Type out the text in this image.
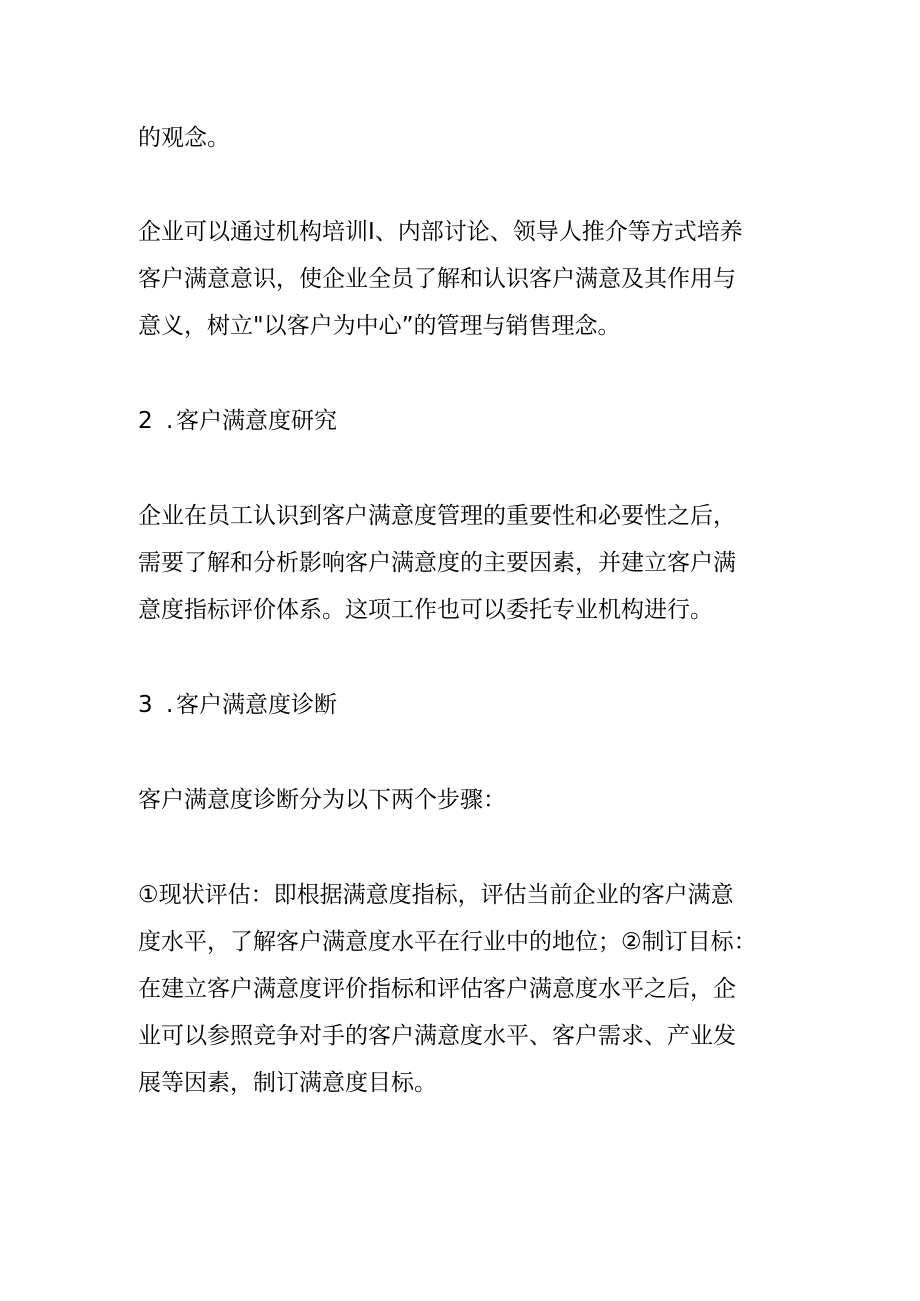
的观念。

企业可以通过机构培训Ⅰ、内部讨论、领导人推介等方式培养
客户满意意识，使企业全员了解和认识客户满意及其作用与
意义，树立"以客户为中心”的管理与销售理念。

2 . 客户满意度研究

企业在员工认识到客户满意度管理的重要性和必要性之后，
需要了解和分析影响客户满意度的主要因素，并建立客户满
意度指标评价体系。这项工作也可以委托专业机构进行。

3 . 客户满意度诊断

客户满意度诊断分为以下两个步骤：

①现状评估：即根据满意度指标，评估当前企业的客户满意
度水平，了解客户满意度水平在行业中的地位；②制订目标：
在建立客户满意度评价指标和评估客户满意度水平之后，企
业可以参照竞争对手的客户满意度水平、客户需求、产业发
展等因素，制订满意度目标。
